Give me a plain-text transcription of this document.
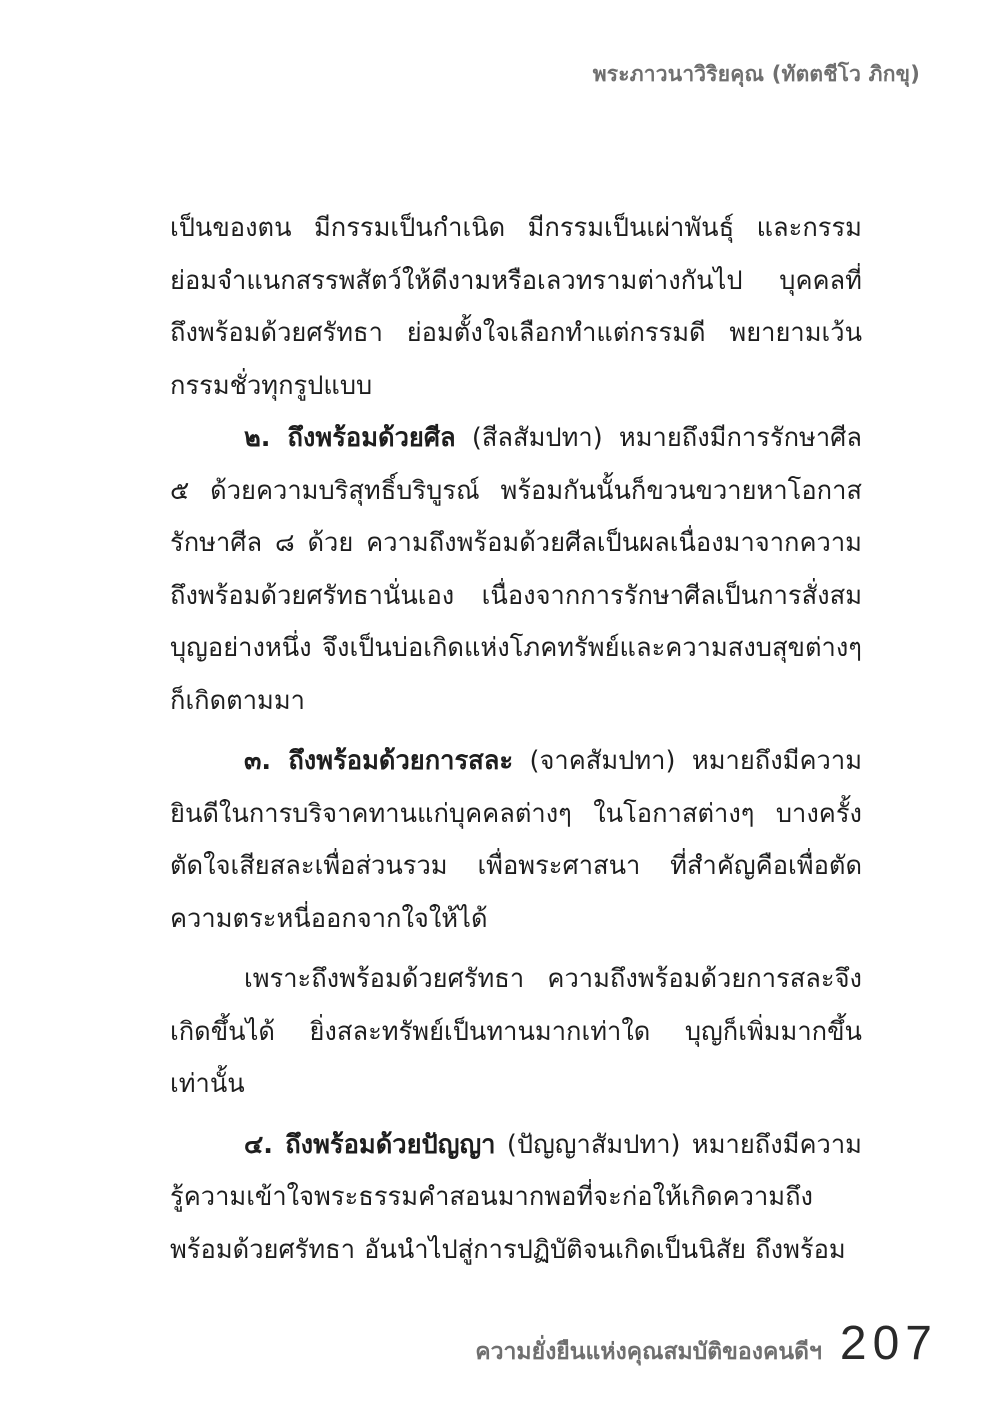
พระภาวนาวิริยคุณ (ทัตตชีโว ภิกขุ)

เป็นของตน มีกรรมเป็นกำเนิด มีกรรมเป็นเผ่าพันธุ์ และกรรมย่อมจำแนกสรรพสัตว์ให้ดีงามหรือเลวทรามต่างกันไป บุคคลที่ถึงพร้อมด้วยศรัทธา ย่อมตั้งใจเลือกทำแต่กรรมดี พยายามเว้นกรรมชั่วทุกรูปแบบ

๒. ถึงพร้อมด้วยศีล (สีลสัมปทา) หมายถึงมีการรักษาศีล ๕ ด้วยความบริสุทธิ์บริบูรณ์ พร้อมกันนั้นก็ขวนขวายหาโอกาสรักษาศีล ๘ ด้วย ความถึงพร้อมด้วยศีลเป็นผลเนื่องมาจากความถึงพร้อมด้วยศรัทธานั่นเอง เนื่องจากการรักษาศีลเป็นการสั่งสมบุญอย่างหนึ่ง จึงเป็นบ่อเกิดแห่งโภคทรัพย์และความสงบสุขต่างๆ ก็เกิดตามมา

๓. ถึงพร้อมด้วยการสละ (จาคสัมปทา) หมายถึงมีความยินดีในการบริจาคทานแก่บุคคลต่างๆ ในโอกาสต่างๆ บางครั้งตัดใจเสียสละเพื่อส่วนรวม เพื่อพระศาสนา ที่สำคัญคือเพื่อตัดความตระหนี่ออกจากใจให้ได้

เพราะถึงพร้อมด้วยศรัทธา ความถึงพร้อมด้วยการสละจึงเกิดขึ้นได้ ยิ่งสละทรัพย์เป็นทานมากเท่าใด บุญก็เพิ่มมากขึ้นเท่านั้น

๔. ถึงพร้อมด้วยปัญญา (ปัญญาสัมปทา) หมายถึงมีความรู้ความเข้าใจพระธรรมคำสอนมากพอที่จะก่อให้เกิดความถึงพร้อมด้วยศรัทธา อันนำไปสู่การปฏิบัติจนเกิดเป็นนิสัย ถึงพร้อม

ความยั่งยืนแห่งคุณสมบัติของคนดีฯ 207
